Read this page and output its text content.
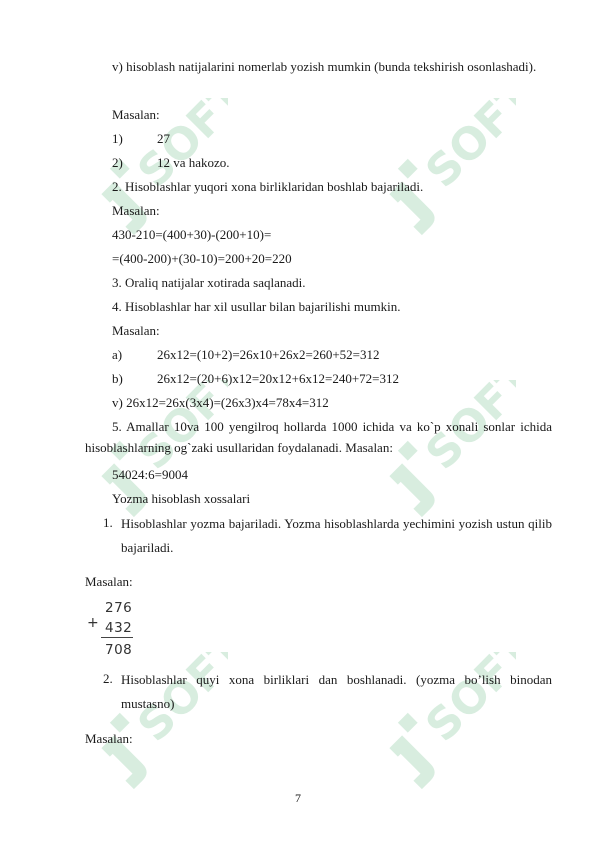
SOFT	SOFT
SOFT	SOFT
SOFT	SOFT
v) hisoblash natijalarini nomerlab yozish mumkin (bunda tekshirish osonlashadi).
Masalan:
1)	27
2)	12 va hakozo.
2. Hisoblashlar yuqori xona birliklaridan boshlab bajariladi.
Masalan:
430-210=(400+30)-(200+10)=
=(400-200)+(30-10)=200+20=220
3. Oraliq natijalar xotirada saqlanadi.
4. Hisoblashlar har xil usullar bilan bajarilishi mumkin.
Masalan:
a)	26x12=(10+2)=26x10+26x2=260+52=312
b)	26x12=(20+6)x12=20x12+6x12=240+72=312
v) 26x12=26x(3x4)=(26x3)x4=78x4=312
5. Amallar 10va 100 yengilroq hollarda 1000 ichida va ko`p xonali sonlar ichida hisoblashlarning og`zaki usullaridan foydalanadi. Masalan:
54024:6=9004
Yozma hisoblash xossalari
1. Hisoblashlar yozma bajariladi. Yozma hisoblashlarda yechimini yozish ustun qilib bajariladi.
Masalan:
+
276
432
708
2. Hisoblashlar quyi xona birliklari dan boshlanadi. (yozma bo’lish binodan mustasno)
Masalan:
7
